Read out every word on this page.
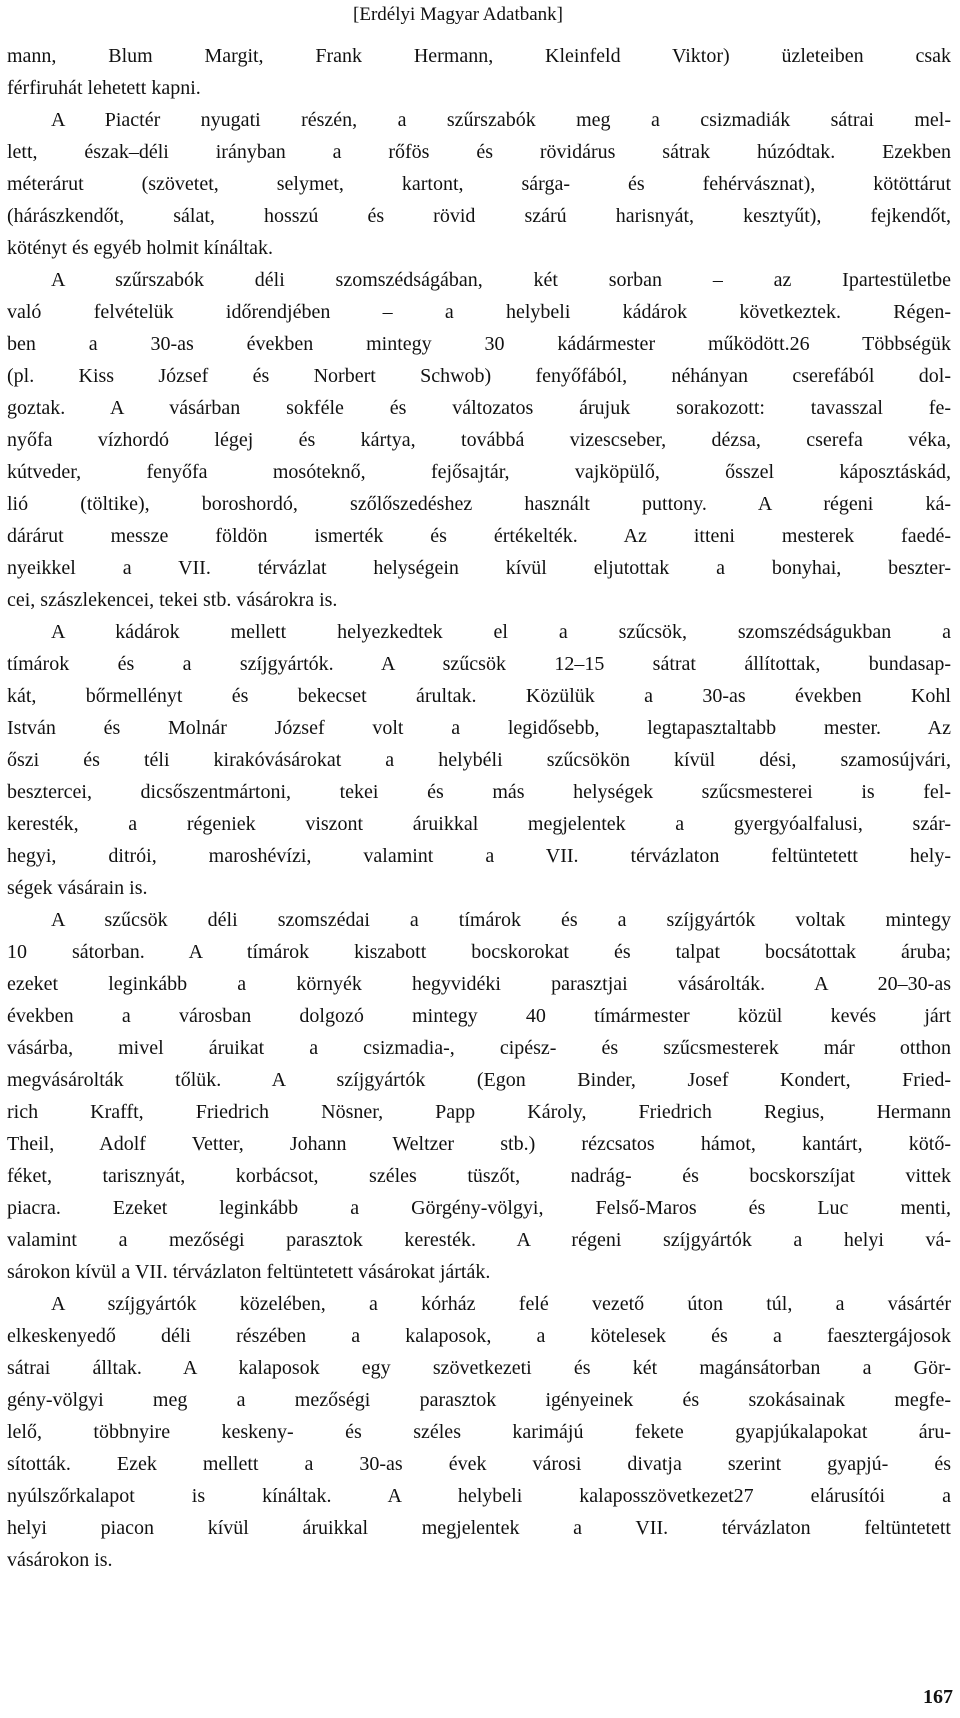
[Erdélyi Magyar Adatbank]
mann, Blum Margit, Frank Hermann, Kleinfeld Viktor) üzleteiben csak
férfiruhát lehetett kapni.
A Piactér nyugati részén, a szűrszabók meg a csizmadiák sátrai mel-
lett, észak–déli irányban a rőfös és rövidárus sátrak húzódtak. Ezekben
méterárut (szövetet, selymet, kartont, sárga- és fehérvásznat), kötöttárut
(hárászkendőt, sálat, hosszú és rövid szárú harisnyát, kesztyűt), fejkendőt,
kötényt és egyéb holmit kínáltak.
A szűrszabók déli szomszédságában, két sorban – az Ipartestületbe
való felvételük időrendjében – a helybeli kádárok következtek. Régen-
ben a 30-as években mintegy 30 kádármester működött.26 Többségük
(pl. Kiss József és Norbert Schwob) fenyőfából, néhányan cserefából dol-
goztak. A vásárban sokféle és változatos árujuk sorakozott: tavasszal fe-
nyőfa vízhordó légej és kártya, továbbá vizescseber, dézsa, cserefa véka,
kútveder, fenyőfa mosóteknő, fejősajtár, vajköpülő, ősszel káposztáskád,
lió (töltike), boroshordó, szőlőszedéshez használt puttony. A régeni ká-
dárárut messze földön ismerték és értékelték. Az itteni mesterek faedé-
nyeikkel a VII. térvázlat helységein kívül eljutottak a bonyhai, beszter-
cei, szászlekencei, tekei stb. vásárokra is.
A kádárok mellett helyezkedtek el a szűcsök, szomszédságukban a
tímárok és a szíjgyártók. A szűcsök 12–15 sátrat állítottak, bundasap-
kát, bőrmellényt és bekecset árultak. Közülük a 30-as években Kohl
István és Molnár József volt a legidősebb, legtapasztaltabb mester. Az
őszi és téli kirakóvásárokat a helybéli szűcsökön kívül dési, szamosújvári,
besztercei, dicsőszentmártoni, tekei és más helységek szűcsmesterei is fel-
keresték, a régeniek viszont áruikkal megjelentek a gyergyóalfalusi, szár-
hegyi, ditrói, maroshévízi, valamint a VII. térvázlaton feltüntetett hely-
ségek vásárain is.
A szűcsök déli szomszédai a tímárok és a szíjgyártók voltak mintegy
10 sátorban. A tímárok kiszabott bocskorokat és talpat bocsátottak áruba;
ezeket leginkább a környék hegyvidéki parasztjai vásárolták. A 20–30-as
években a városban dolgozó mintegy 40 tímármester közül kevés járt
vásárba, mivel áruikat a csizmadia-, cipész- és szűcsmesterek már otthon
megvásárolták tőlük. A szíjgyártók (Egon Binder, Josef Kondert, Fried-
rich Krafft, Friedrich Nösner, Papp Károly, Friedrich Regius, Hermann
Theil, Adolf Vetter, Johann Weltzer stb.) rézcsatos hámot, kantárt, kötő-
féket, tarisznyát, korbácsot, széles tüszőt, nadrág- és bocskorszíjat vittek
piacra. Ezeket leginkább a Görgény-völgyi, Felső-Maros és Luc menti,
valamint a mezőségi parasztok keresték. A régeni szíjgyártók a helyi vá-
sárokon kívül a VII. térvázlaton feltüntetett vásárokat járták.
A szíjgyártók közelében, a kórház felé vezető úton túl, a vásártér
elkeskenyedő déli részében a kalaposok, a kötelesek és a faesztergájosok
sátrai álltak. A kalaposok egy szövetkezeti és két magánsátorban a Gör-
gény-völgyi meg a mezőségi parasztok igényeinek és szokásainak megfe-
lelő, többnyire keskeny- és széles karimájú fekete gyapjúkalapokat áru-
sították. Ezek mellett a 30-as évek városi divatja szerint gyapjú- és
nyúlszőrkalapot is kínáltak. A helybeli kalaposszövetkezet27 elárusítói a
helyi piacon kívül áruikkal megjelentek a VII. térvázlaton feltüntetett
vásárokon is.
167
